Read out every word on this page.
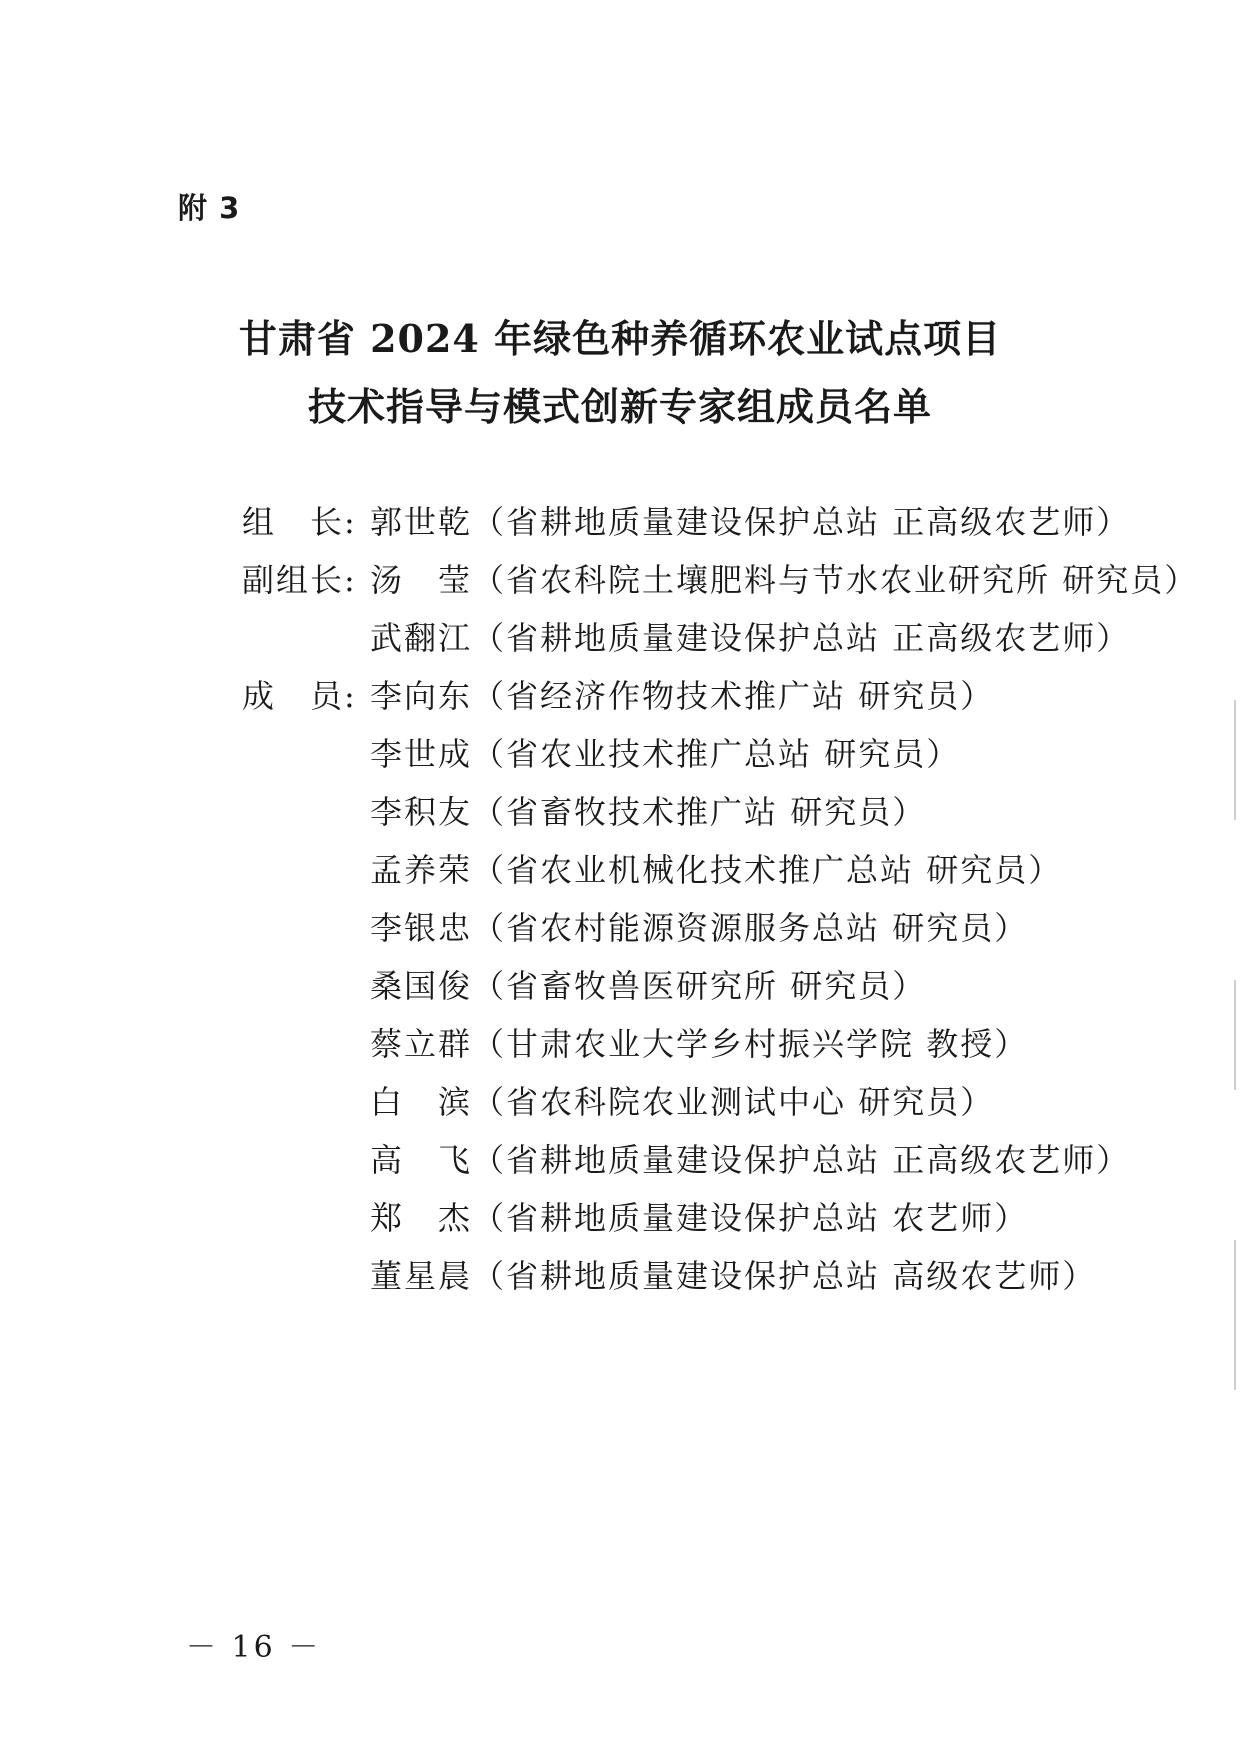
附 3
甘肃省 2024 年绿色种养循环农业试点项目
技术指导与模式创新专家组成员名单
组　长: 郭世乾（省耕地质量建设保护总站 正高级农艺师）
副组长: 汤　莹（省农科院土壤肥料与节水农业研究所 研究员）
武翻江（省耕地质量建设保护总站 正高级农艺师）
成　员: 李向东（省经济作物技术推广站 研究员）
李世成（省农业技术推广总站 研究员）
李积友（省畜牧技术推广站 研究员）
孟养荣（省农业机械化技术推广总站 研究员）
李银忠（省农村能源资源服务总站 研究员）
桑国俊（省畜牧兽医研究所 研究员）
蔡立群（甘肃农业大学乡村振兴学院 教授）
白　滨（省农科院农业测试中心 研究员）
高　飞（省耕地质量建设保护总站 正高级农艺师）
郑　杰（省耕地质量建设保护总站 农艺师）
董星晨（省耕地质量建设保护总站 高级农艺师）
－ 16 －
